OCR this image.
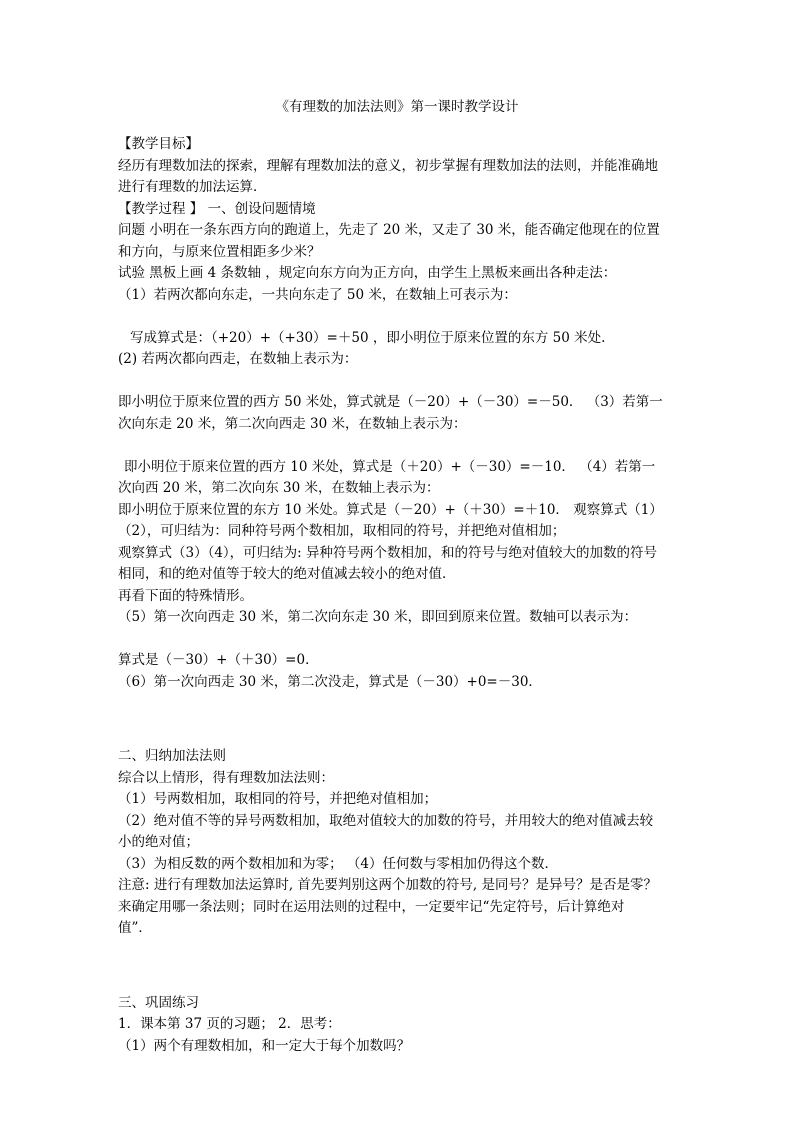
《有理数的加法法则》第一课时教学设计

【教学目标】

经历有理数加法的探索，理解有理数加法的意义，初步掌握有理数加法的法则，并能准确地

进行有理数的加法运算．

【教学过程 】 一、创设问题情境

问题 小明在一条东西方向的跑道上，先走了 20 米，又走了 30 米，能否确定他现在的位置

和方向，与原来位置相距多少米？

试验 黑板上画 4 条数轴 ，规定向东方向为正方向，由学生上黑板来画出各种走法：

（1）若两次都向东走，一共向东走了 50 米，在数轴上可表示为：

写成算式是：（+20）+（+30）=＋50 ，即小明位于原来位置的东方 50 米处.

(2) 若两次都向西走，在数轴上表示为：

即小明位于原来位置的西方 50 米处，算式就是（－20）+（－30）=－50． （3）若第一

次向东走 20 米，第二次向西走 30 米，在数轴上表示为：

即小明位于原来位置的西方 10 米处，算式是（＋20）+（－30）=－10． （4）若第一

次向西 20 米，第二次向东 30 米，在数轴上表示为：

即小明位于原来位置的东方 10 米处。算式是（－20）+（＋30）=＋10． 观察算式（1）

（2），可归结为：同种符号两个数相加，取相同的符号，并把绝对值相加；

观察算式（3）（4），可归结为: 异种符号两个数相加，和的符号与绝对值较大的加数的符号

相同，和的绝对值等于较大的绝对值减去较小的绝对值．

再看下面的特殊情形。

（5）第一次向西走 30 米，第二次向东走 30 米，即回到原来位置。数轴可以表示为：

算式是（－30）+（＋30）=0．

（6）第一次向西走 30 米，第二次没走，算式是（－30）+0=－30．

二、归纳加法法则

综合以上情形，得有理数加法法则：

（1）号两数相加，取相同的符号，并把绝对值相加；

（2）绝对值不等的异号两数相加，取绝对值较大的加数的符号，并用较大的绝对值减去较

小的绝对值；

（3）为相反数的两个数相加和为零； （4）任何数与零相加仍得这个数．

注意: 进行有理数加法运算时, 首先要判别这两个加数的符号, 是同号？是异号？是否是零？

来确定用哪一条法则；同时在运用法则的过程中，一定要牢记“先定符号，后计算绝对

值”．

三、巩固练习

1．课本第 37 页的习题； 2．思考：

（1）两个有理数相加，和一定大于每个加数吗？
